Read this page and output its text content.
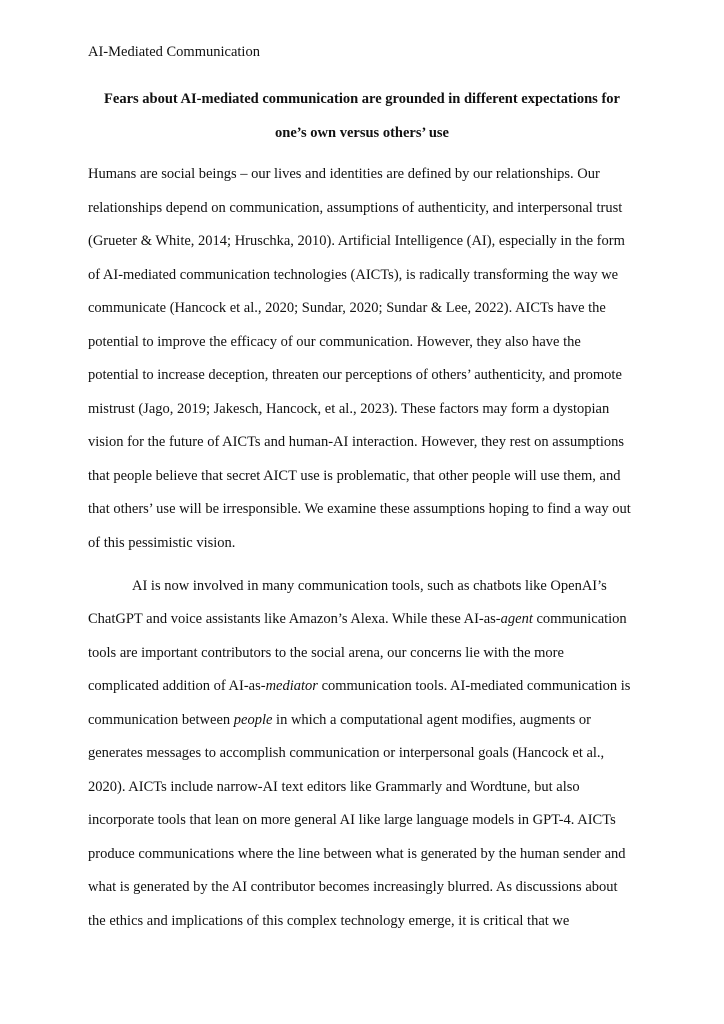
AI-Mediated Communication
Fears about AI-mediated communication are grounded in different expectations for
one’s own versus others’ use
Humans are social beings – our lives and identities are defined by our relationships. Our
relationships depend on communication, assumptions of authenticity, and interpersonal trust
(Grueter & White, 2014; Hruschka, 2010). Artificial Intelligence (AI), especially in the form
of AI-mediated communication technologies (AICTs), is radically transforming the way we
communicate (Hancock et al., 2020; Sundar, 2020; Sundar & Lee, 2022). AICTs have the
potential to improve the efficacy of our communication. However, they also have the
potential to increase deception, threaten our perceptions of others’ authenticity, and promote
mistrust (Jago, 2019; Jakesch, Hancock, et al., 2023). These factors may form a dystopian
vision for the future of AICTs and human-AI interaction. However, they rest on assumptions
that people believe that secret AICT use is problematic, that other people will use them, and
that others’ use will be irresponsible. We examine these assumptions hoping to find a way out
of this pessimistic vision.
AI is now involved in many communication tools, such as chatbots like OpenAI’s
ChatGPT and voice assistants like Amazon’s Alexa. While these AI-as-agent communication
tools are important contributors to the social arena, our concerns lie with the more
complicated addition of AI-as-mediator communication tools. AI-mediated communication is
communication between people in which a computational agent modifies, augments or
generates messages to accomplish communication or interpersonal goals (Hancock et al.,
2020). AICTs include narrow-AI text editors like Grammarly and Wordtune, but also
incorporate tools that lean on more general AI like large language models in GPT-4. AICTs
produce communications where the line between what is generated by the human sender and
what is generated by the AI contributor becomes increasingly blurred. As discussions about
the ethics and implications of this complex technology emerge, it is critical that we
